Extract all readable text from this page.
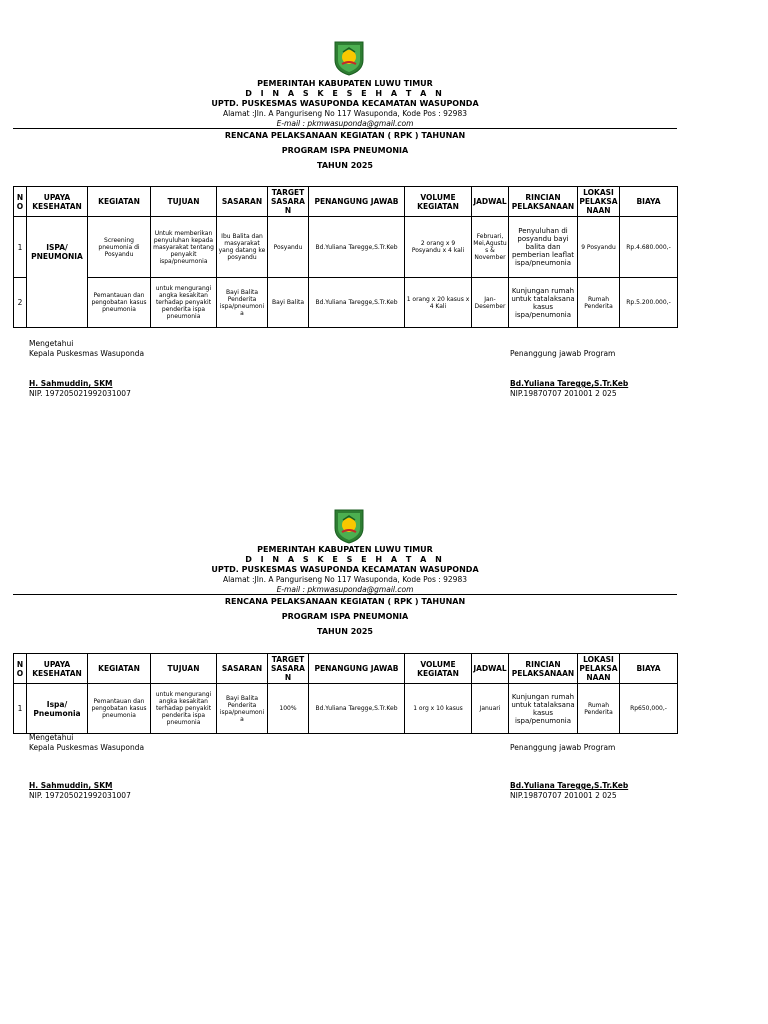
PEMERINTAH KABUPATEN LUWU TIMUR
D I N A S K E S E H A T A N
UPTD. PUSKESMAS WASUPONDA KECAMATAN WASUPONDA
Alamat :Jln. A Panguriseng No 117 Wasuponda, Kode Pos : 92983
E-mail : pkmwasuponda@gmail.com
RENCANA PELAKSANAAN KEGIATAN ( RPK ) TAHUNAN
PROGRAM ISPA PNEUMONIA
TAHUN 2025
N O	UPAYA KESEHATAN	KEGIATAN	TUJUAN	SASARAN	TARGET SASARA N	PENANGUNG JAWAB	VOLUME KEGIATAN	JADWAL	RINCIAN PELAKSANAAN	LOKASI PELAKSA NAAN	BIAYA
1	ISPA/ PNEUMONIA	Screening pneumonia di Posyandu	Untuk memberikan penyuluhan kepada masyarakat tentang penyakit ispa/pneumonia	Ibu Balita dan masyarakat yang datang ke posyandu	Posyandu	Bd.Yuliana Taregge,S.Tr.Keb	2 orang x 9 Posyandu x 4 kali	Februari, Mei,Agustu s & November	Penyuluhan di posyandu bayi balita dan pemberian leaflat ispa/pneumonia	9 Posyandu	Rp.4.680.000,-
2		Pemantauan dan pengobatan kasus pneumonia	untuk mengurangi angka kesakitan terhadap penyakit penderita ispa pneumonia	Bayi Balita Penderita ispa/pneumoni a	Bayi Balita	Bd.Yuliana Taregge,S.Tr.Keb	1 orang x 20 kasus x 4 Kali	Jan-Desember	Kunjungan rumah untuk tatalaksana kasus ispa/penumonia	Rumah Penderita	Rp.5.200.000,-
Mengetahui
Kepala Puskesmas Wasuponda
H. Sahmuddin, SKM
NIP. 197205021992031007
Penanggung jawab Program
Bd.Yuliana Taregge,S.Tr.Keb
NIP.19870707 201001 2 025
PEMERINTAH KABUPATEN LUWU TIMUR
D I N A S K E S E H A T A N
UPTD. PUSKESMAS WASUPONDA KECAMATAN WASUPONDA
Alamat :Jln. A Panguriseng No 117 Wasuponda, Kode Pos : 92983
E-mail : pkmwasuponda@gmail.com
RENCANA PELAKSANAAN KEGIATAN ( RPK ) TAHUNAN
PROGRAM ISPA PNEUMONIA
TAHUN 2025
N O	UPAYA KESEHATAN	KEGIATAN	TUJUAN	SASARAN	TARGET SASARA N	PENANGUNG JAWAB	VOLUME KEGIATAN	JADWAL	RINCIAN PELAKSANAAN	LOKASI PELAKSA NAAN	BIAYA
1	Ispa/ Pneumonia	Pemantauan dan pengobatan kasus pneumonia	untuk mengurangi angka kesakitan terhadap penyakit penderita ispa pneumonia	Bayi Balita Penderita ispa/pneumoni a	100%	Bd.Yuliana Taregge,S.Tr.Keb	1 org x 10 kasus	Januari	Kunjungan rumah untuk tatalaksana kasus ispa/penumonia	Rumah Penderita	Rp650,000,-
Mengetahui
Kepala Puskesmas Wasuponda
H. Sahmuddin, SKM
NIP. 197205021992031007
Penanggung jawab Program
Bd.Yuliana Taregge,S.Tr.Keb
NIP.19870707 201001 2 025
